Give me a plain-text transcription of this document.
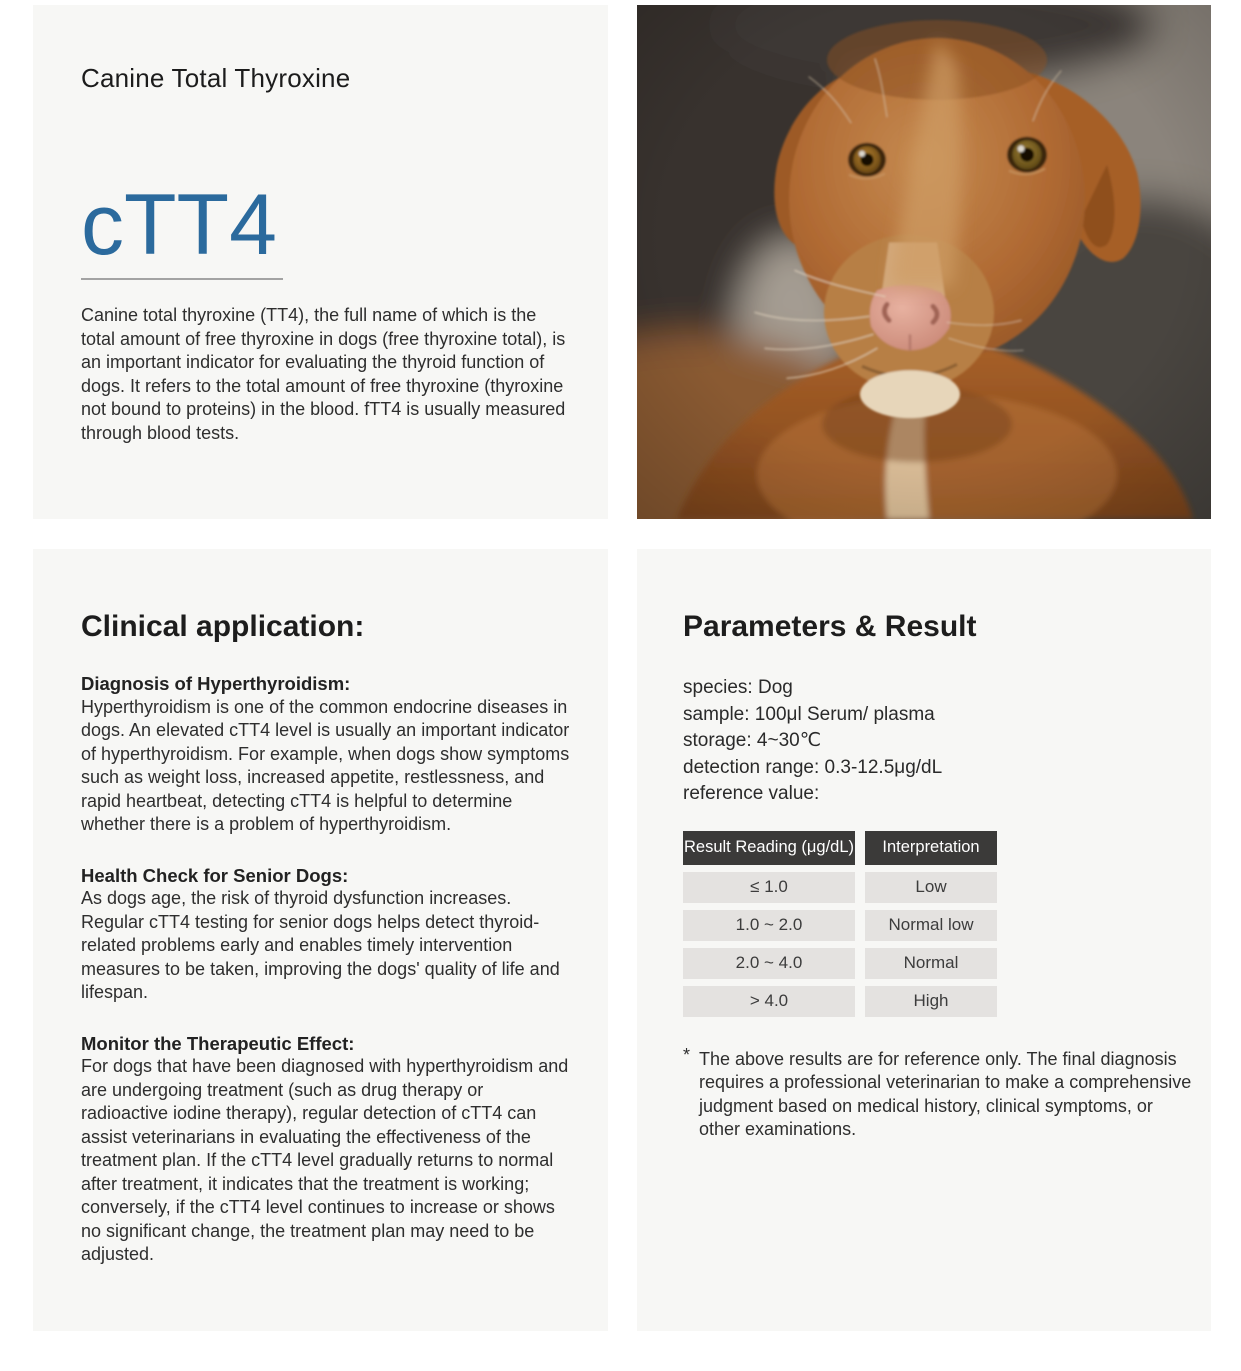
Canine Total Thyroxine
cTT4
Canine total thyroxine (TT4), the full name of which is the total amount of free thyroxine in dogs (free thyroxine total), is an important indicator for evaluating the thyroid function of dogs. It refers to the total amount of free thyroxine (thyroxine not bound to proteins) in the blood. fTT4 is usually measured through blood tests.
Clinical application:
Diagnosis of Hyperthyroidism:
Hyperthyroidism is one of the common endocrine diseases in dogs. An elevated cTT4 level is usually an important indicator of hyperthyroidism. For example, when dogs show symptoms such as weight loss, increased appetite, restlessness, and rapid heartbeat, detecting cTT4 is helpful to determine whether there is a problem of hyperthyroidism.
Health Check for Senior Dogs:
As dogs age, the risk of thyroid dysfunction increases. Regular cTT4 testing for senior dogs helps detect thyroid-related problems early and enables timely intervention measures to be taken, improving the dogs' quality of life and lifespan.
Monitor the Therapeutic Effect:
For dogs that have been diagnosed with hyperthyroidism and are undergoing treatment (such as drug therapy or radioactive iodine therapy), regular detection of cTT4 can assist veterinarians in evaluating the effectiveness of the treatment plan. If the cTT4 level gradually returns to normal after treatment, it indicates that the treatment is working; conversely, if the cTT4 level continues to increase or shows no significant change, the treatment plan may need to be adjusted.
Parameters & Result
species: Dog
sample: 100μl Serum/ plasma
storage: 4~30℃
detection range: 0.3-12.5μg/dL
reference value:
Result Reading (μg/dL)	Interpretation
≤ 1.0	Low
1.0 ~ 2.0	Normal low
2.0 ~ 4.0	Normal
> 4.0	High
* The above results are for reference only. The final diagnosis requires a professional veterinarian to make a comprehensive judgment based on medical history, clinical symptoms, or other examinations.
